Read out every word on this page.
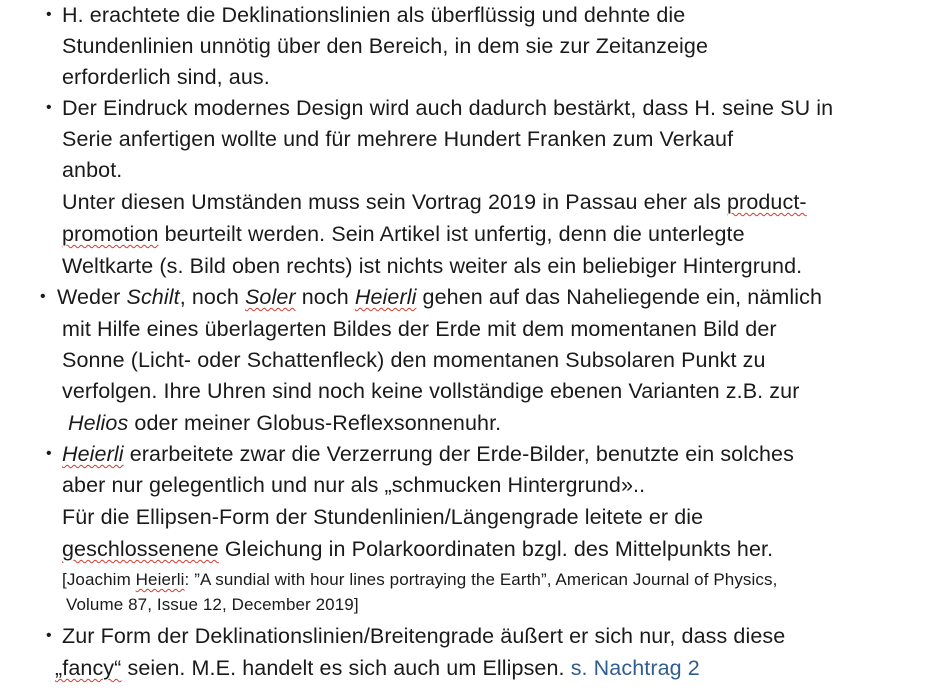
• H. erachtete die Deklinationslinien als überflüssig und dehnte die
Stundenlinien unnötig über den Bereich, in dem sie zur Zeitanzeige
erforderlich sind, aus.
• Der Eindruck modernes Design wird auch dadurch bestärkt, dass H. seine SU in
Serie anfertigen wollte und für mehrere Hundert Franken zum Verkauf
anbot.
Unter diesen Umständen muss sein Vortrag 2019 in Passau eher als product-
promotion beurteilt werden. Sein Artikel ist unfertig, denn die unterlegte
Weltkarte (s. Bild oben rechts) ist nichts weiter als ein beliebiger Hintergrund.
• Weder Schilt, noch Soler noch Heierli gehen auf das Naheliegende ein, nämlich
mit Hilfe eines überlagerten Bildes der Erde mit dem momentanen Bild der
Sonne (Licht- oder Schattenfleck) den momentanen Subsolaren Punkt zu
verfolgen. Ihre Uhren sind noch keine vollständige ebenen Varianten z.B. zur
Helios oder meiner Globus-Reflexsonnenuhr.
• Heierli erarbeitete zwar die Verzerrung der Erde-Bilder, benutzte ein solches
aber nur gelegentlich und nur als „schmucken Hintergrund»..
Für die Ellipsen-Form der Stundenlinien/Längengrade leitete er die
geschlossenene Gleichung in Polarkoordinaten bzgl. des Mittelpunkts her.
[Joachim Heierli: ”A sundial with hour lines portraying the Earth”, American Journal of Physics,
Volume 87, Issue 12, December 2019]
• Zur Form der Deklinationslinien/Breitengrade äußert er sich nur, dass diese
„fancy“ seien. M.E. handelt es sich auch um Ellipsen. s. Nachtrag 2
